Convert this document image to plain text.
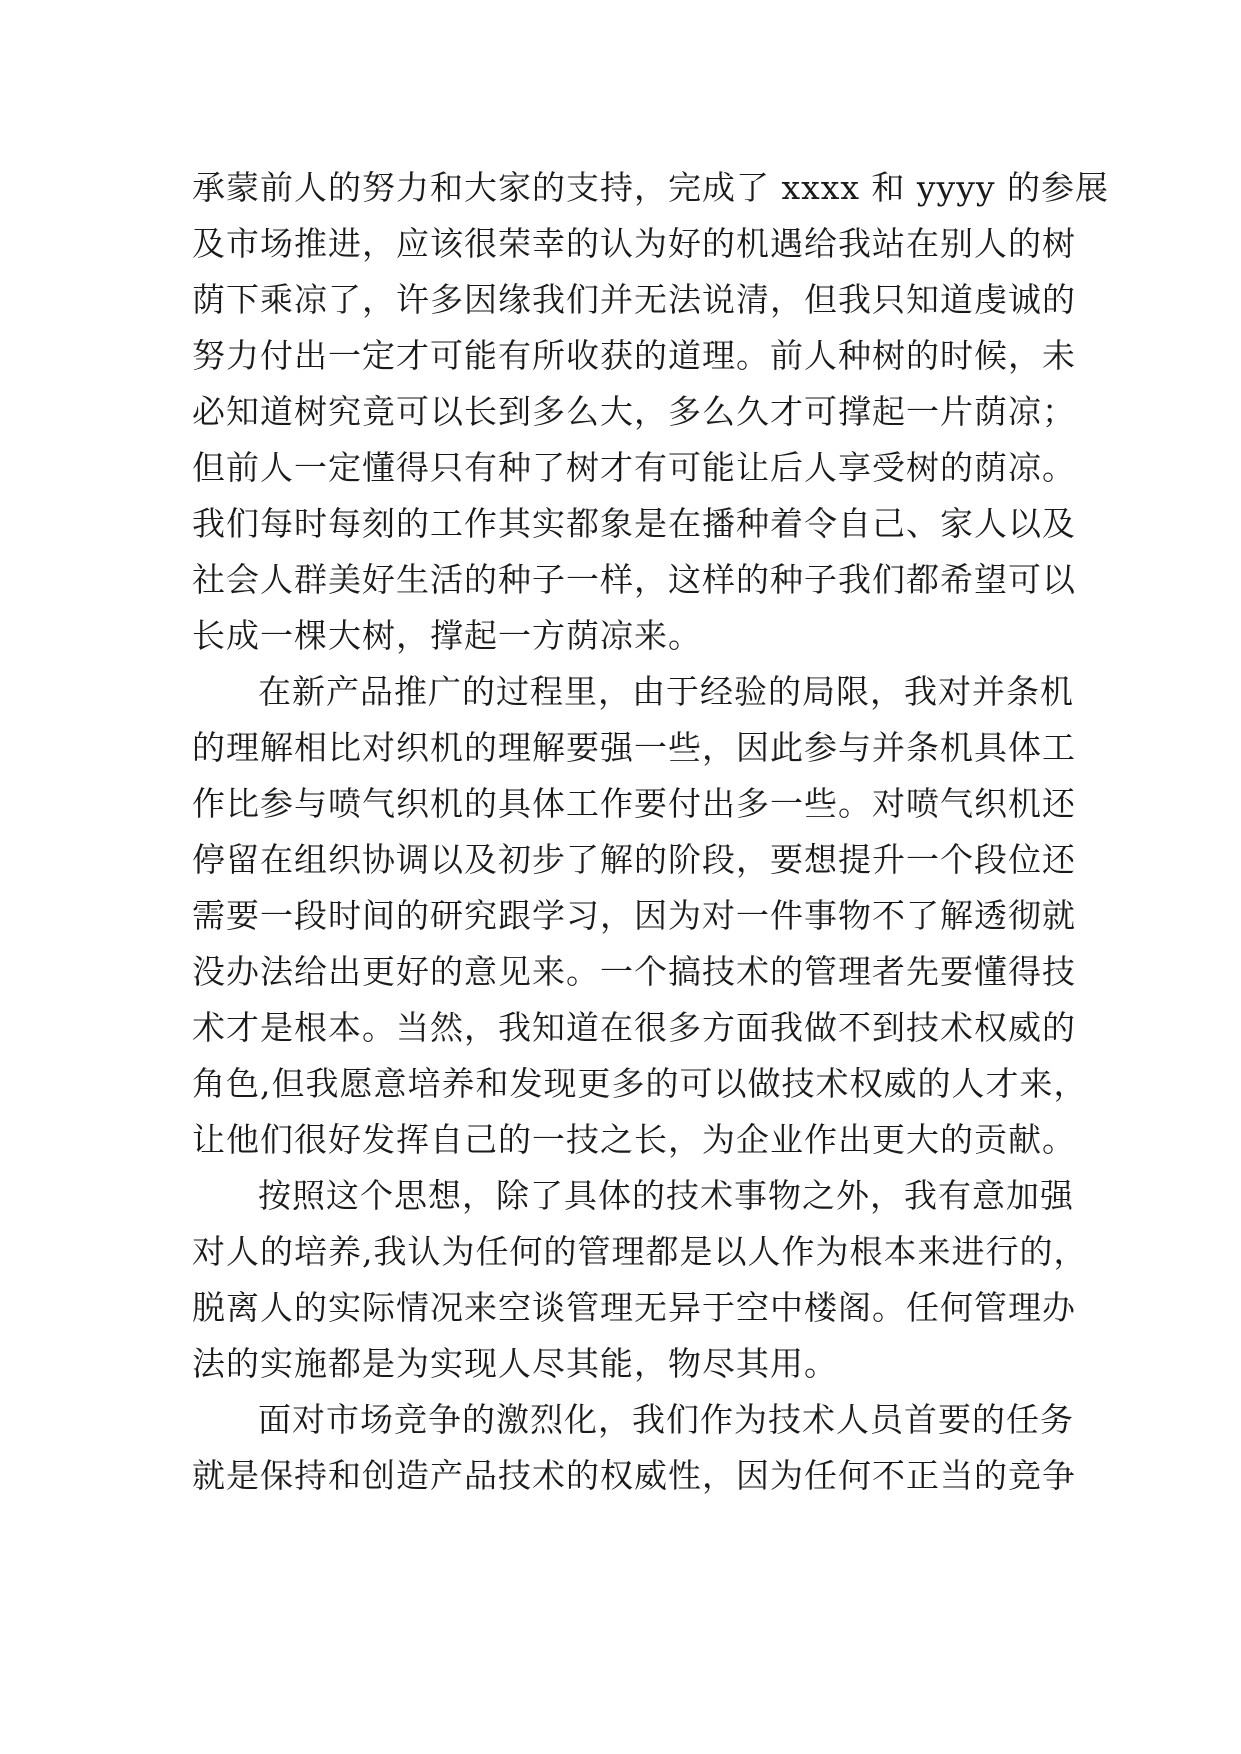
承蒙前人的努力和大家的支持，完成了 xxxx 和 yyyy 的参展
及市场推进，应该很荣幸的认为好的机遇给我站在别人的树
荫下乘凉了，许多因缘我们并无法说清，但我只知道虔诚的
努力付出一定才可能有所收获的道理。前人种树的时候，未
必知道树究竟可以长到多么大，多么久才可撑起一片荫凉；
但前人一定懂得只有种了树才有可能让后人享受树的荫凉。
我们每时每刻的工作其实都象是在播种着令自己、家人以及
社会人群美好生活的种子一样，这样的种子我们都希望可以
长成一棵大树，撑起一方荫凉来。
在新产品推广的过程里，由于经验的局限，我对并条机
的理解相比对织机的理解要强一些，因此参与并条机具体工
作比参与喷气织机的具体工作要付出多一些。对喷气织机还
停留在组织协调以及初步了解的阶段，要想提升一个段位还
需要一段时间的研究跟学习，因为对一件事物不了解透彻就
没办法给出更好的意见来。一个搞技术的管理者先要懂得技
术才是根本。当然，我知道在很多方面我做不到技术权威的
角色,但我愿意培养和发现更多的可以做技术权威的人才来，
让他们很好发挥自己的一技之长，为企业作出更大的贡献。
按照这个思想，除了具体的技术事物之外，我有意加强
对人的培养,我认为任何的管理都是以人作为根本来进行的，
脱离人的实际情况来空谈管理无异于空中楼阁。任何管理办
法的实施都是为实现人尽其能，物尽其用。
面对市场竞争的激烈化，我们作为技术人员首要的任务
就是保持和创造产品技术的权威性，因为任何不正当的竞争
